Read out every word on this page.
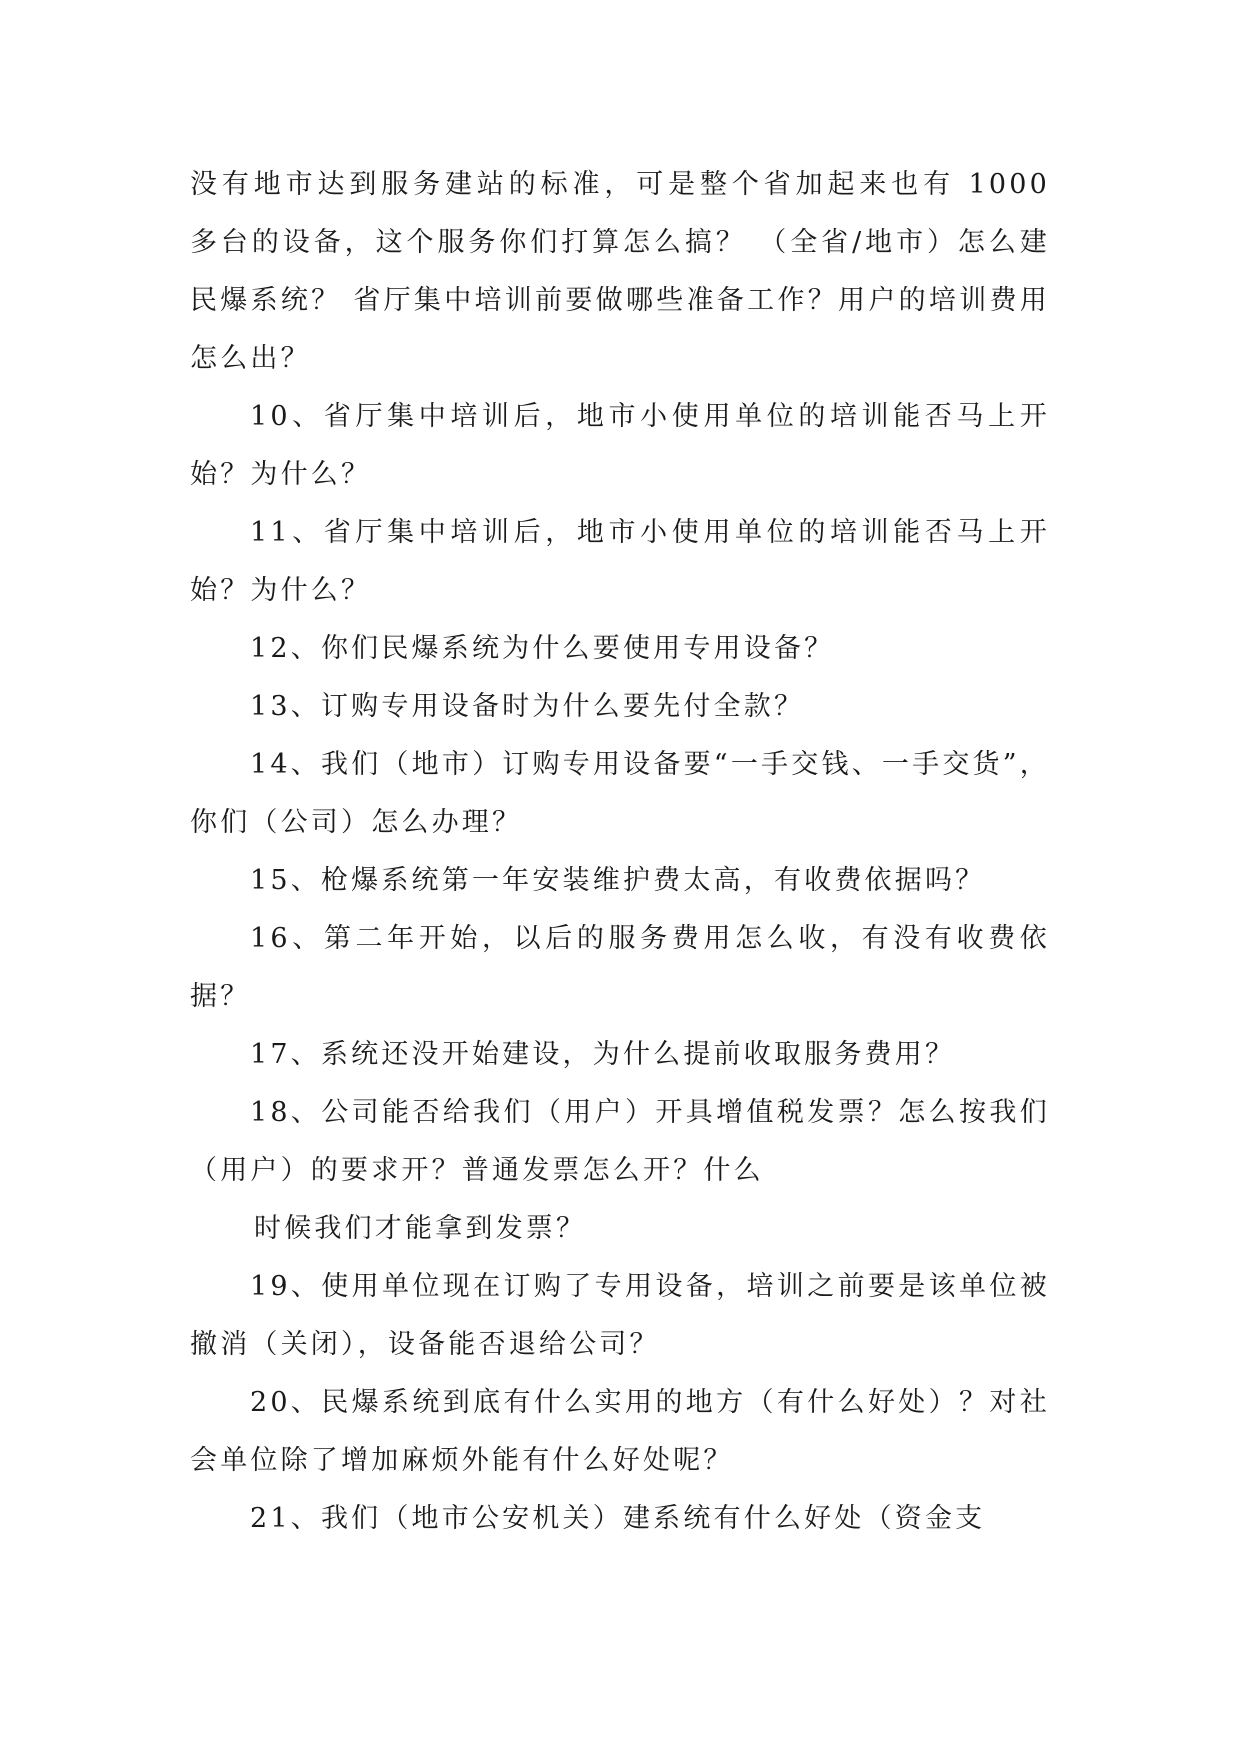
没有地市达到服务建站的标准，可是整个省加起来也有 1000 多台的设备，这个服务你们打算怎么搞？ （全省/地市）怎么建民爆系统？ 省厅集中培训前要做哪些准备工作？用户的培训费用怎么出？

10、省厅集中培训后，地市小使用单位的培训能否马上开始？为什么？

11、省厅集中培训后，地市小使用单位的培训能否马上开始？为什么？

12、你们民爆系统为什么要使用专用设备？

13、订购专用设备时为什么要先付全款？

14、我们（地市）订购专用设备要“一手交钱、一手交货”，你们（公司）怎么办理？

15、枪爆系统第一年安装维护费太高，有收费依据吗？

16、第二年开始，以后的服务费用怎么收，有没有收费依据？

17、系统还没开始建设，为什么提前收取服务费用？

18、公司能否给我们（用户）开具增值税发票？怎么按我们（用户）的要求开？普通发票怎么开？什么

时候我们才能拿到发票？

19、使用单位现在订购了专用设备，培训之前要是该单位被撤消（关闭），设备能否退给公司？

20、民爆系统到底有什么实用的地方（有什么好处）？对社会单位除了增加麻烦外能有什么好处呢？

21、我们（地市公安机关）建系统有什么好处（资金支
